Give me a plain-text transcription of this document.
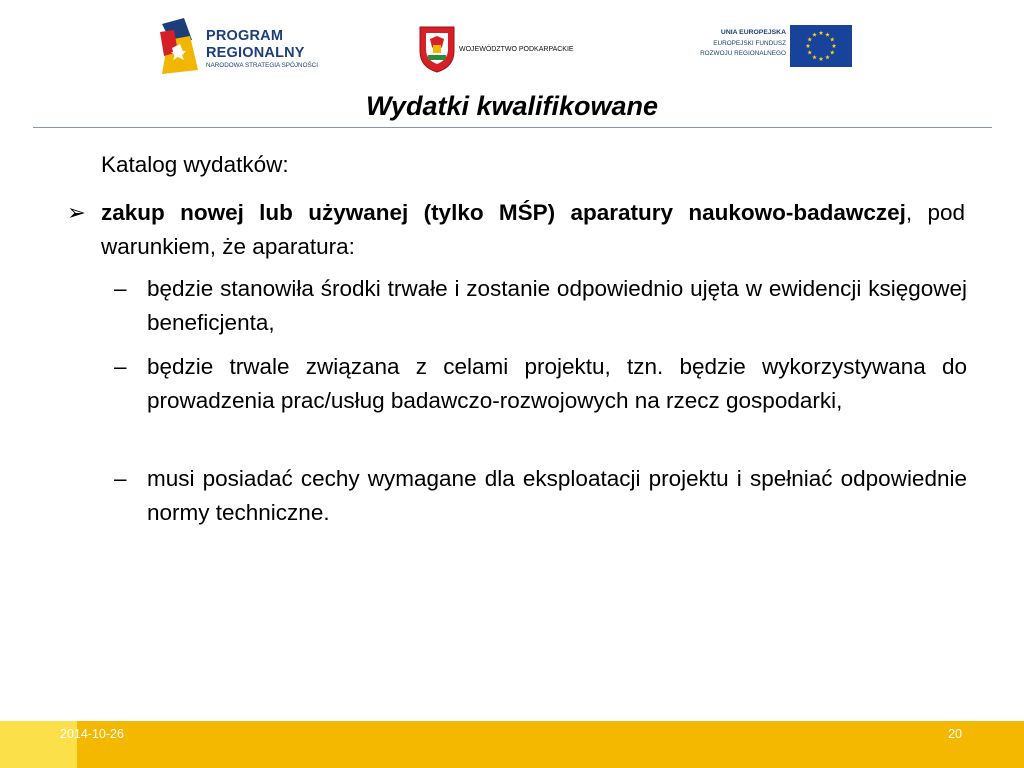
PROGRAM
REGIONALNY
NARODOWA STRATEGIA SPÓJNOŚCI
WOJEWÓDZTWO PODKARPACKIE
UNIA EUROPEJSKA
EUROPEJSKI FUNDUSZ
ROZWOJU REGIONALNEGO
Wydatki kwalifikowane
Katalog wydatków:
➢ zakup nowej lub używanej (tylko MŚP) aparatury naukowo-badawczej, pod warunkiem, że aparatura:
– będzie stanowiła środki trwałe i zostanie odpowiednio ujęta w ewidencji księgowej beneficjenta,
– będzie trwale związana z celami projektu, tzn. będzie wykorzystywana do prowadzenia prac/usług badawczo-rozwojowych na rzecz gospodarki,
– musi posiadać cechy wymagane dla eksploatacji projektu i spełniać odpowiednie normy techniczne.
2014-10-26	20
